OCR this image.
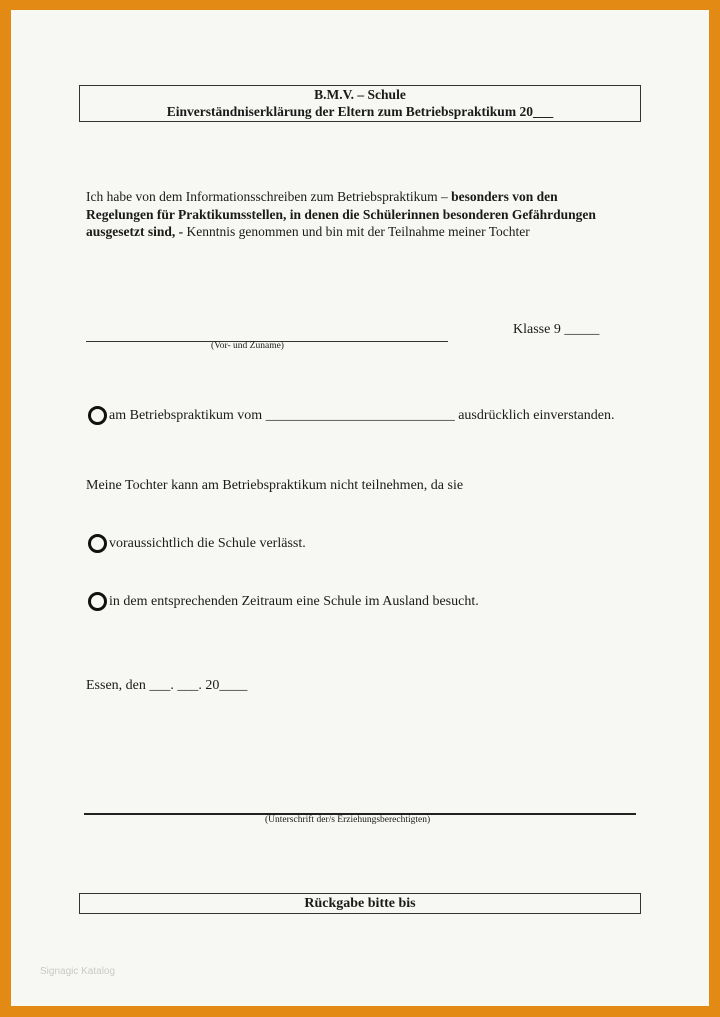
B.M.V. – Schule
Einverständniserklärung der Eltern zum Betriebspraktikum 20___
Ich habe von dem Informationsschreiben zum Betriebspraktikum – besonders von den Regelungen für Praktikumsstellen, in denen die Schülerinnen besonderen Gefährdungen ausgesetzt sind, - Kenntnis genommen und bin mit der Teilnahme meiner Tochter
(Vor- und Zuname)
Klasse 9 _____
am Betriebspraktikum vom ___________________________ ausdrücklich einverstanden.
Meine Tochter kann am Betriebspraktikum nicht teilnehmen, da sie
voraussichtlich die Schule verlässt.
in dem entsprechenden Zeitraum eine Schule im Ausland besucht.
Essen, den ___. ___. 20____
(Unterschrift der/s Erziehungsberechtigten)
Rückgabe bitte bis
Signagic Katalog
